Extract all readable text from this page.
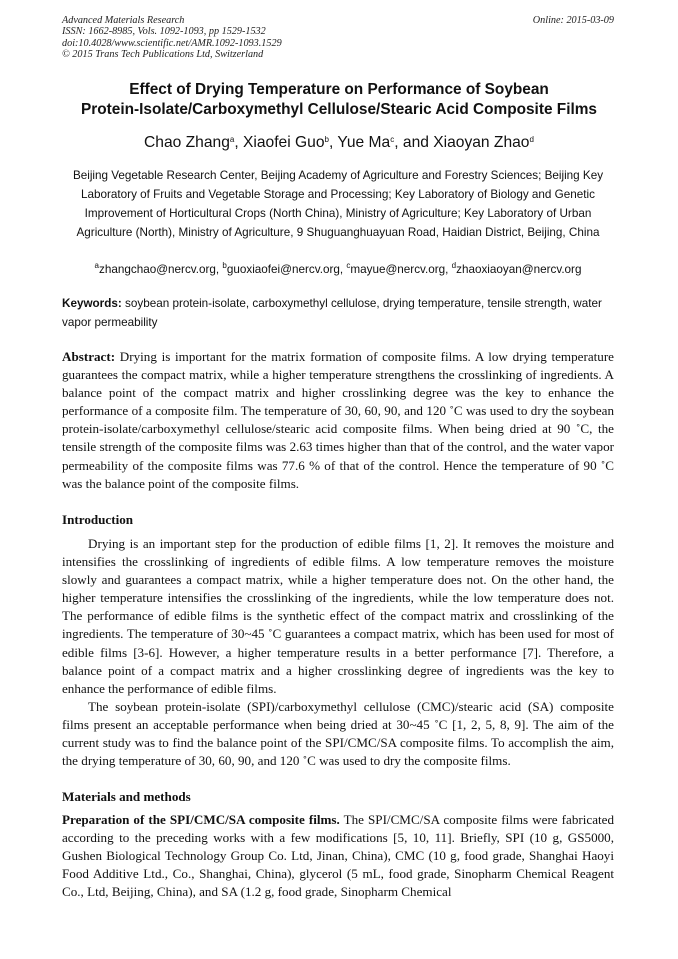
Advanced Materials Research
ISSN: 1662-8985, Vols. 1092-1093, pp 1529-1532
doi:10.4028/www.scientific.net/AMR.1092-1093.1529
© 2015 Trans Tech Publications Ltd, Switzerland
Online: 2015-03-09
Effect of Drying Temperature on Performance of Soybean
Protein-Isolate/Carboxymethyl Cellulose/Stearic Acid Composite Films
Chao Zhang$^a$, Xiaofei Guo$^b$, Yue Ma$^c$, and Xiaoyan Zhao$^d$
Beijing Vegetable Research Center, Beijing Academy of Agriculture and Forestry Sciences; Beijing Key Laboratory of Fruits and Vegetable Storage and Processing; Key Laboratory of Biology and Genetic Improvement of Horticultural Crops (North China), Ministry of Agriculture; Key Laboratory of Urban Agriculture (North), Ministry of Agriculture, 9 Shuguanghuayuan Road, Haidian District, Beijing, China
$^a$zhangchao@nercv.org, $^b$guoxiaofei@nercv.org, $^c$mayue@nercv.org, $^d$zhaoxiaoyan@nercv.org
Keywords: soybean protein-isolate, carboxymethyl cellulose, drying temperature, tensile strength, water vapor permeability
Abstract: Drying is important for the matrix formation of composite films. A low drying temperature guarantees the compact matrix, while a higher temperature strengthens the crosslinking of ingredients. A balance point of the compact matrix and higher crosslinking degree was the key to enhance the performance of a composite film. The temperature of 30, 60, 90, and 120 ˚C was used to dry the soybean protein-isolate/carboxymethyl cellulose/stearic acid composite films. When being dried at 90 ˚C, the tensile strength of the composite films was 2.63 times higher than that of the control, and the water vapor permeability of the composite films was 77.6 % of that of the control. Hence the temperature of 90 ˚C was the balance point of the composite films.
Introduction

Drying is an important step for the production of edible films [1, 2]. It removes the moisture and intensifies the crosslinking of ingredients of edible films. A low temperature removes the moisture slowly and guarantees a compact matrix, while a higher temperature does not. On the other hand, the higher temperature intensifies the crosslinking of the ingredients, while the low temperature does not. The performance of edible films is the synthetic effect of the compact matrix and crosslinking of the ingredients. The temperature of 30~45 ˚C guarantees a compact matrix, which has been used for most of edible films [3-6]. However, a higher temperature results in a better performance [7]. Therefore, a balance point of a compact matrix and a higher crosslinking degree of ingredients was the key to enhance the performance of edible films.

The soybean protein-isolate (SPI)/carboxymethyl cellulose (CMC)/stearic acid (SA) composite films present an acceptable performance when being dried at 30~45 ˚C [1, 2, 5, 8, 9]. The aim of the current study was to find the balance point of the SPI/CMC/SA composite films. To accomplish the aim, the drying temperature of 30, 60, 90, and 120 ˚C was used to dry the composite films.

Materials and methods
Preparation of the SPI/CMC/SA composite films. The SPI/CMC/SA composite films were fabricated according to the preceding works with a few modifications [5, 10, 11]. Briefly, SPI (10 g, GS5000, Gushen Biological Technology Group Co. Ltd, Jinan, China), CMC (10 g, food grade, Shanghai Haoyi Food Additive Ltd., Co., Shanghai, China), glycerol (5 mL, food grade, Sinopharm Chemical Reagent Co., Ltd, Beijing, China), and SA (1.2 g, food grade, Sinopharm Chemical
